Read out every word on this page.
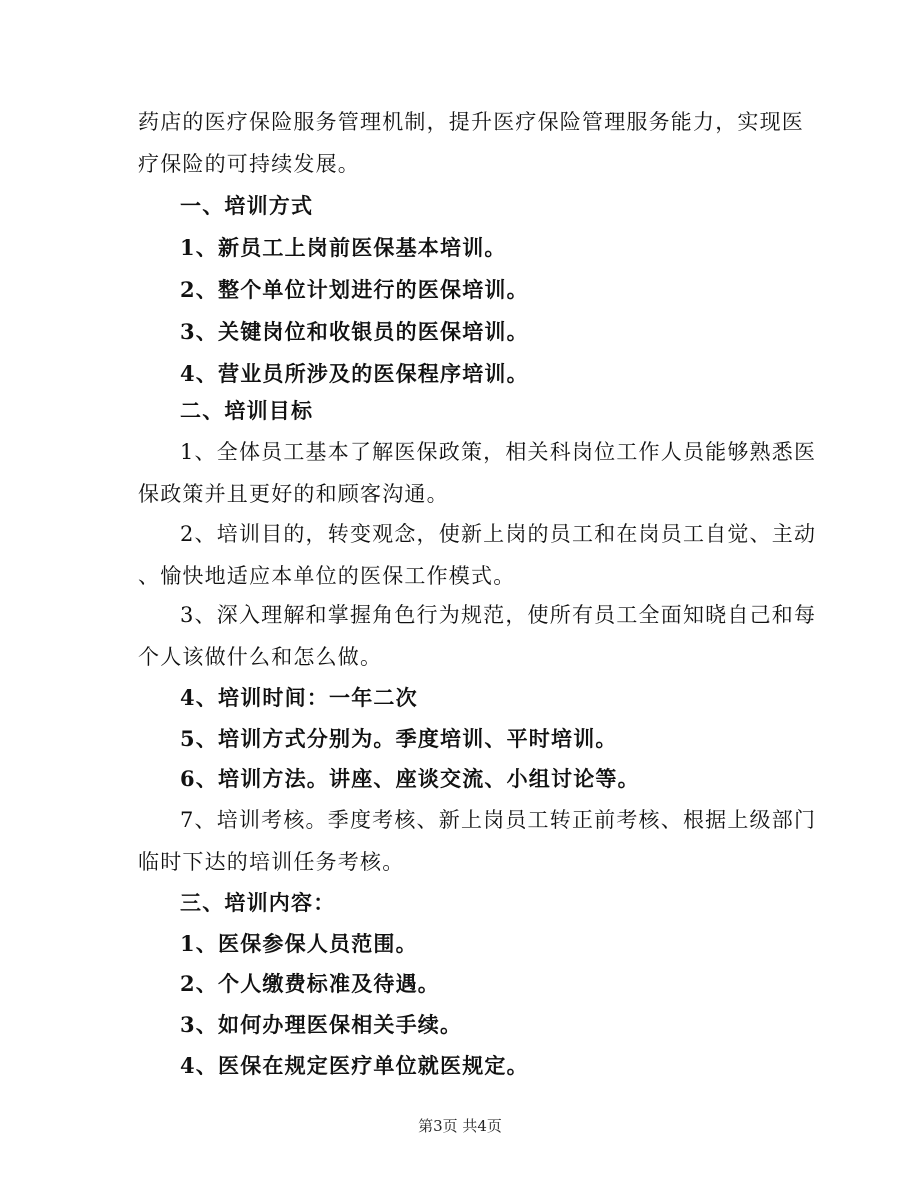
药店的医疗保险服务管理机制，提升医疗保险管理服务能力，实现医
疗保险的可持续发展。
一、培训方式
1、新员工上岗前医保基本培训。
2、整个单位计划进行的医保培训。
3、关键岗位和收银员的医保培训。
4、营业员所涉及的医保程序培训。
二、培训目标
1、全体员工基本了解医保政策，相关科岗位工作人员能够熟悉医
保政策并且更好的和顾客沟通。
2、培训目的，转变观念，使新上岗的员工和在岗员工自觉、主动
、愉快地适应本单位的医保工作模式。
3、深入理解和掌握角色行为规范，使所有员工全面知晓自己和每
个人该做什么和怎么做。
4、培训时间：一年二次
5、培训方式分别为。季度培训、平时培训。
6、培训方法。讲座、座谈交流、小组讨论等。
7、培训考核。季度考核、新上岗员工转正前考核、根据上级部门
临时下达的培训任务考核。
三、培训内容：
1、医保参保人员范围。
2、个人缴费标准及待遇。
3、如何办理医保相关手续。
4、医保在规定医疗单位就医规定。
第3页 共4页
